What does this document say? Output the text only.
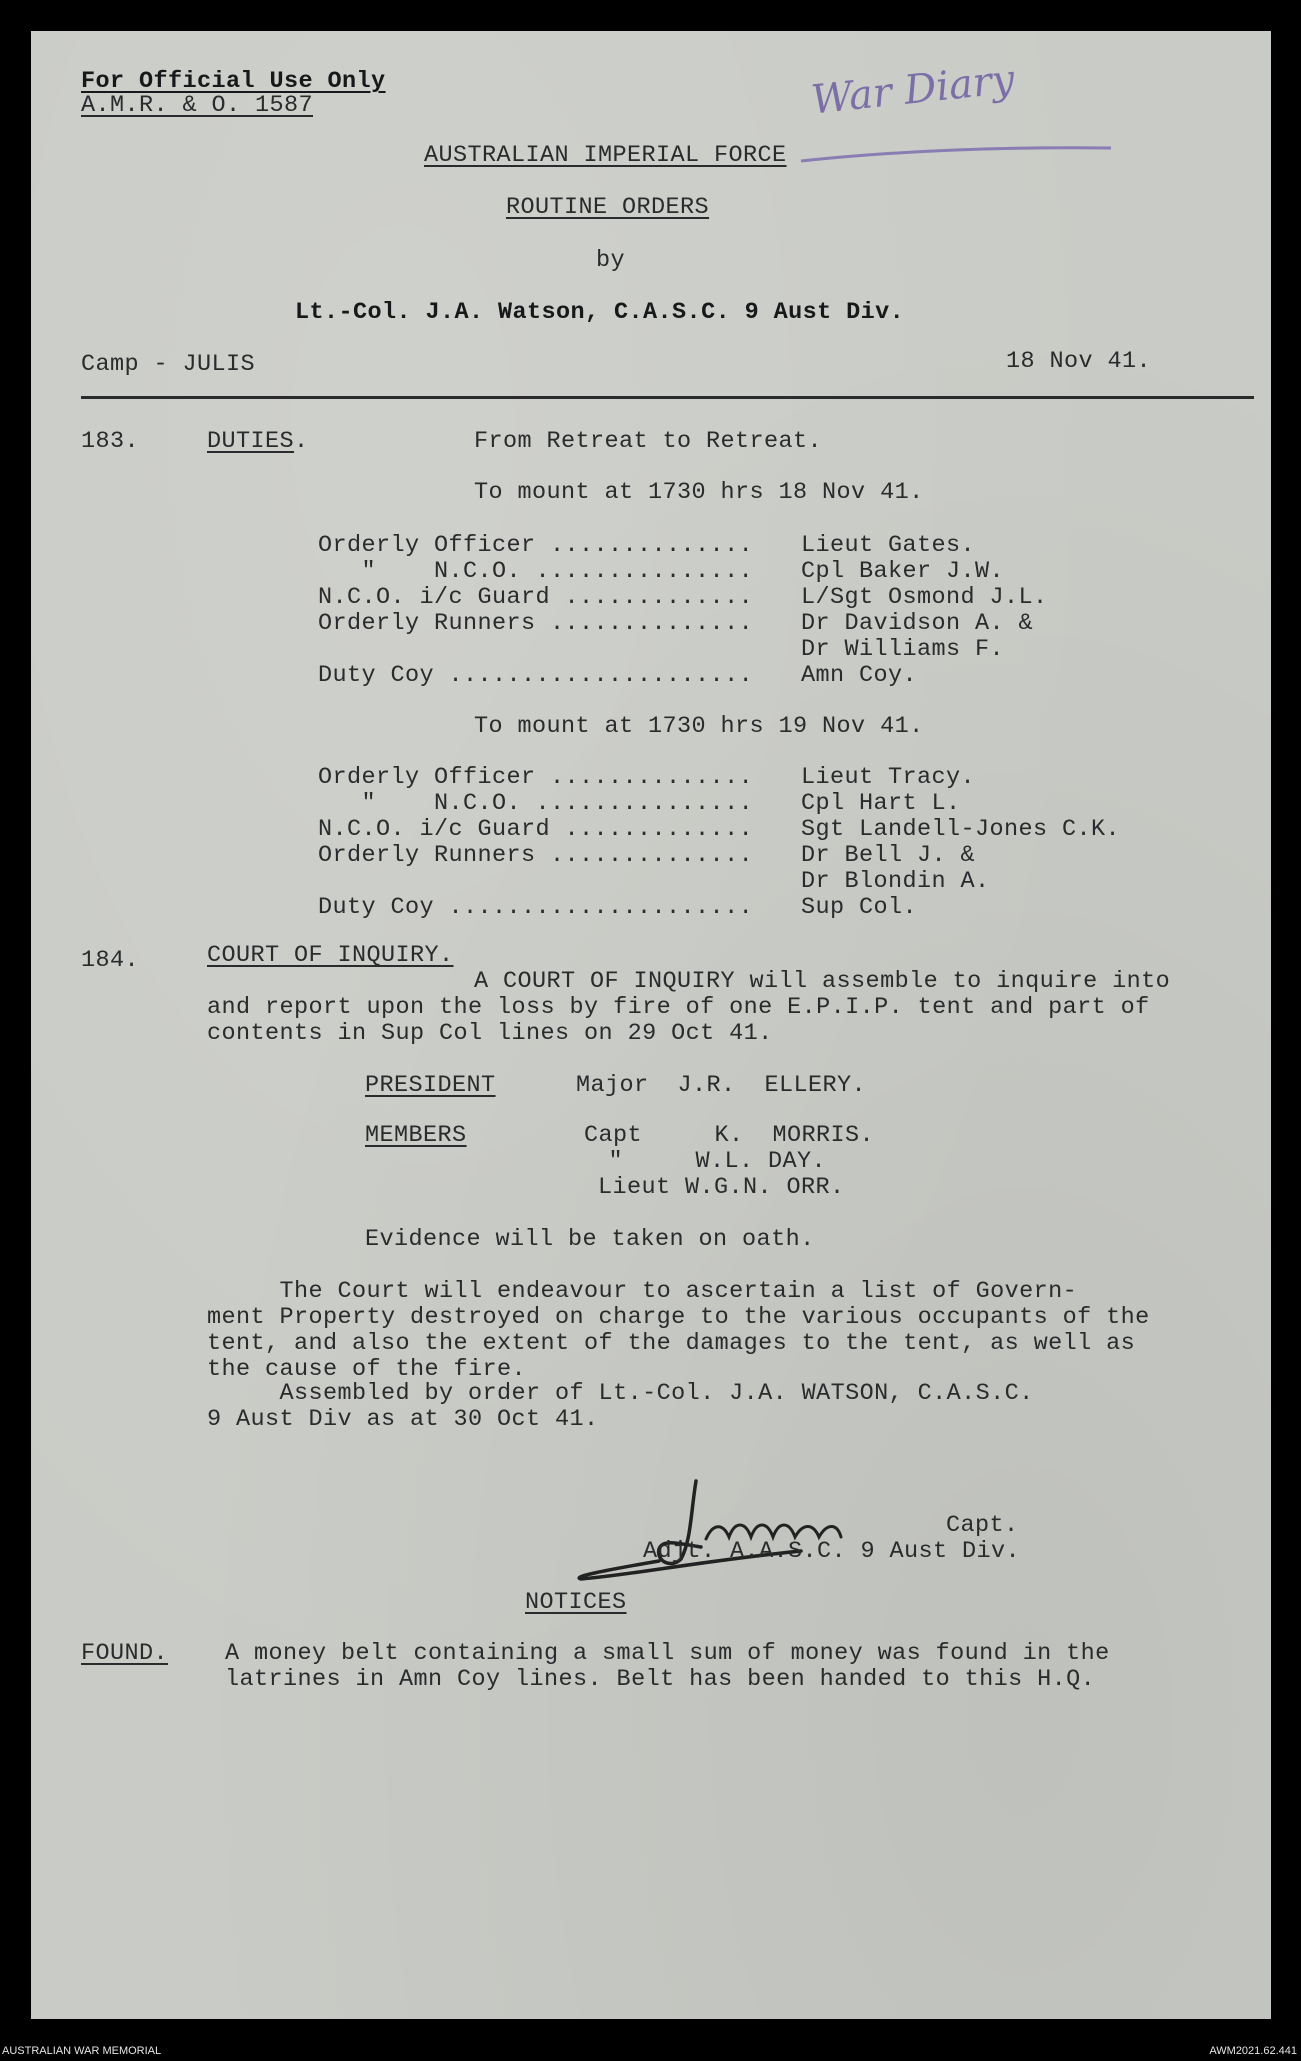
For Official Use Only
A.M.R. & O. 1587	War Diary
AUSTRALIAN IMPERIAL FORCE
ROUTINE ORDERS
by
Lt.-Col. J.A. Watson, C.A.S.C. 9 Aust Div.
Camp - JULIS	18 Nov 41.
183.	DUTIES.	From Retreat to Retreat.
To mount at 1730 hrs 18 Nov 41.
Orderly Officer .............. Lieut Gates.
"    N.C.O. ............... Cpl Baker J.W.
N.C.O. i/c Guard ............. L/Sgt Osmond J.L.
Orderly Runners .............. Dr Davidson A. &
Dr Williams F.
Duty Coy ..................... Amn Coy.
To mount at 1730 hrs 19 Nov 41.
Orderly Officer .............. Lieut Tracy.
"    N.C.O. ............... Cpl Hart L.
N.C.O. i/c Guard ............. Sgt Landell-Jones C.K.
Orderly Runners .............. Dr Bell J. &
Dr Blondin A.
Duty Coy ..................... Sup Col.
184.	COURT OF INQUIRY.
A COURT OF INQUIRY will assemble to inquire into
and report upon the loss by fire of one E.P.I.P. tent and part of
contents in Sup Col lines on 29 Oct 41.
PRESIDENT	Major  J.R.  ELLERY.
MEMBERS	Capt     K.  MORRIS.
"     W.L. DAY.
Lieut W.G.N. ORR.
Evidence will be taken on oath.
The Court will endeavour to ascertain a list of Govern-
ment Property destroyed on charge to the various occupants of the
tent, and also the extent of the damages to the tent, as well as
the cause of the fire.
Assembled by order of Lt.-Col. J.A. WATSON, C.A.S.C.
9 Aust Div as at 30 Oct 41.
Capt.
Adjt. A.A.S.C. 9 Aust Div.
NOTICES
FOUND. A money belt containing a small sum of money was found in the
latrines in Amn Coy lines. Belt has been handed to this H.Q.
AUSTRALIAN WAR MEMORIAL	AWM2021.62.441
